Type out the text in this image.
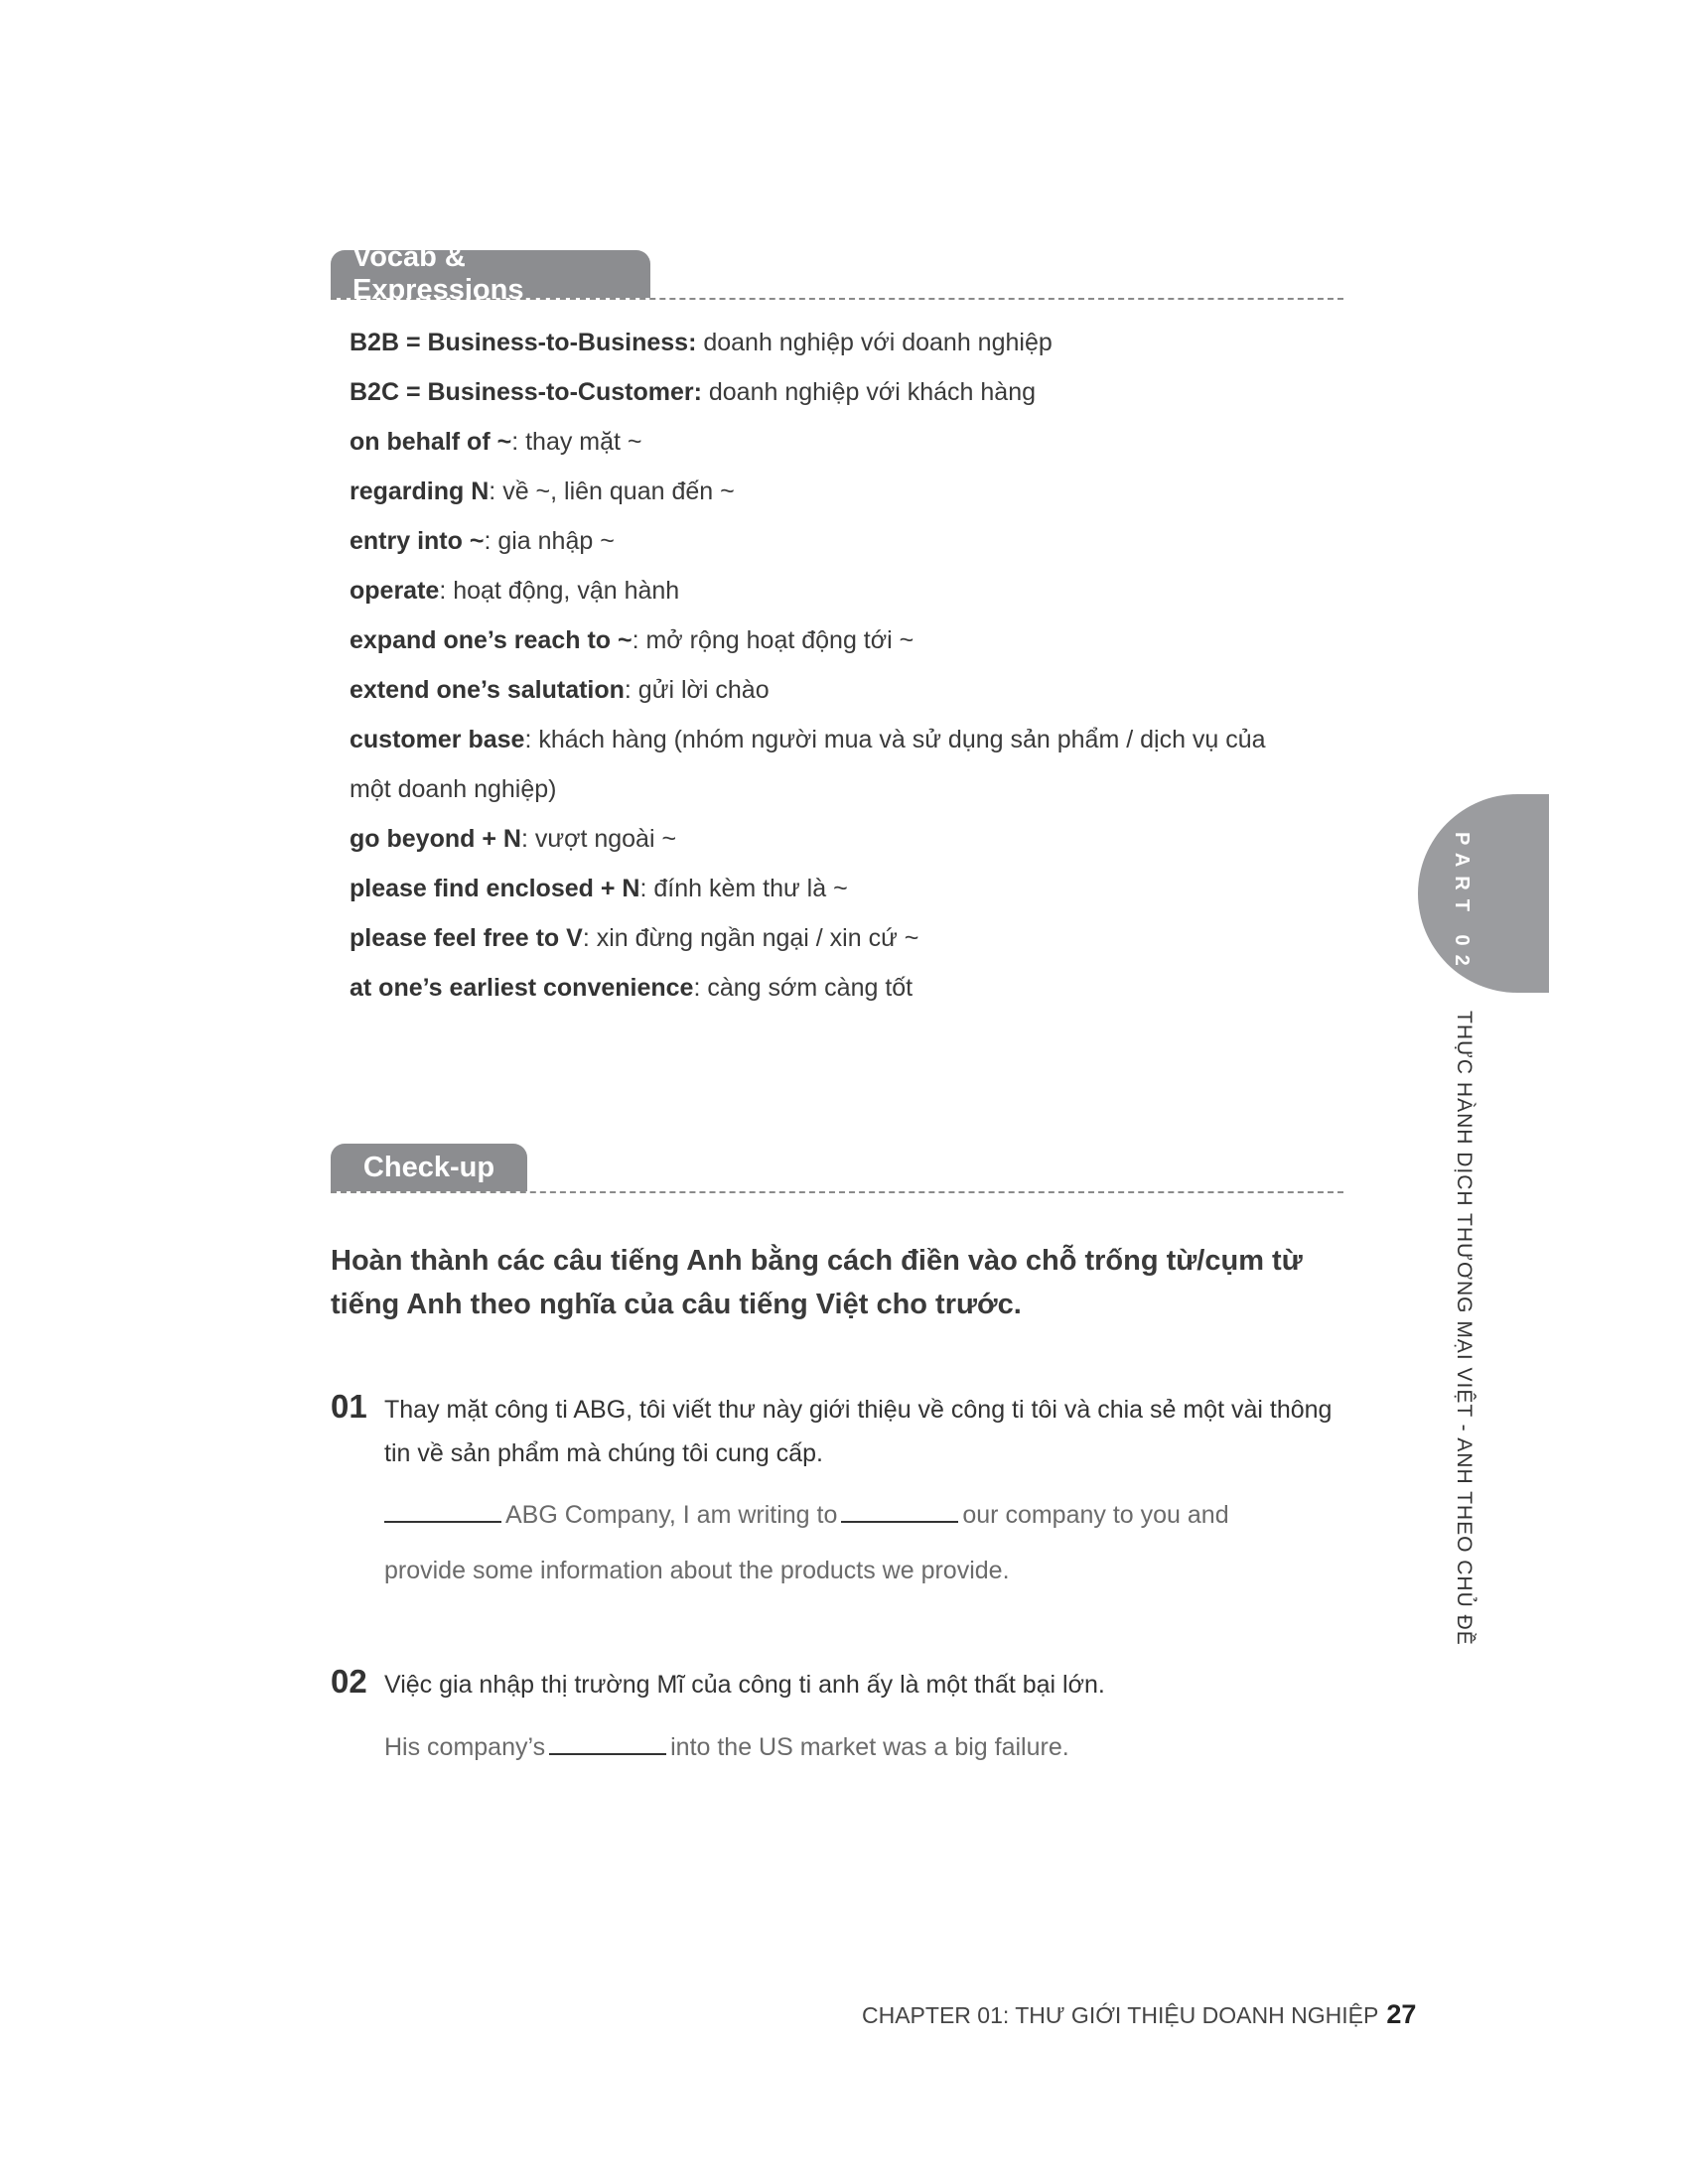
Vocab & Expressions
B2B = Business-to-Business: doanh nghiệp với doanh nghiệp
B2C = Business-to-Customer: doanh nghiệp với khách hàng
on behalf of ~: thay mặt ~
regarding N: về ~, liên quan đến ~
entry into ~: gia nhập ~
operate: hoạt động, vận hành
expand one’s reach to ~: mở rộng hoạt động tới ~
extend one’s salutation: gửi lời chào
customer base: khách hàng (nhóm người mua và sử dụng sản phẩm / dịch vụ của
một doanh nghiệp)
go beyond + N: vượt ngoài ~
please find enclosed + N: đính kèm thư là ~
please feel free to V: xin đừng ngần ngại / xin cứ ~
at one’s earliest convenience: càng sớm càng tốt
Check-up

Hoàn thành các câu tiếng Anh bằng cách điền vào chỗ trống từ/cụm từ tiếng Anh theo nghĩa của câu tiếng Việt cho trước.

01 Thay mặt công ti ABG, tôi viết thư này giới thiệu về công ti tôi và chia sẻ một vài thông tin về sản phẩm mà chúng tôi cung cấp.

ABG Company, I am writing to	our company to you and
provide some information about the products we provide.

02 Việc gia nhập thị trường Mĩ của công ti anh ấy là một thất bại lớn.

His company’s	into the US market was a big failure.

PART 02
THỰC HÀNH DỊCH THƯƠNG MẠI VIỆT - ANH THEO CHỦ ĐỀ
CHAPTER 01: THƯ GIỚI THIỆU DOANH NGHIỆP 27
